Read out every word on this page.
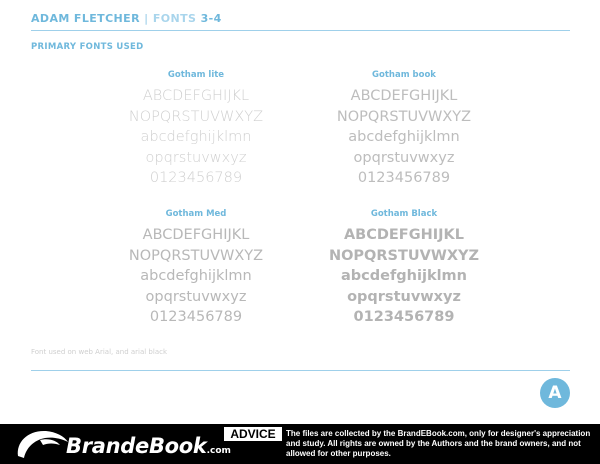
ADAM FLETCHER | FONTS 3-4
PRIMARY FONTS USED
Gotham lite
ABCDEFGHIJKL
NOPQRSTUVWXYZ
abcdefghijklmn
opqrstuvwxyz
0123456789
Gotham book
ABCDEFGHIJKL
NOPQRSTUVWXYZ
abcdefghijklmn
opqrstuvwxyz
0123456789
Gotham Med
ABCDEFGHIJKL
NOPQRSTUVWXYZ
abcdefghijklmn
opqrstuvwxyz
0123456789
Gotham Black
ABCDEFGHIJKL
NOPQRSTUVWXYZ
abcdefghijklmn
opqrstuvwxyz
0123456789
Font used on web Arial, and arial black
A
BrandeBook.com
ADVICE	The files are collected by the BrandEBook.com, only for designer's appreciation and study. All rights are owned by the Authors and the brand owners, and not allowed for other purposes.
